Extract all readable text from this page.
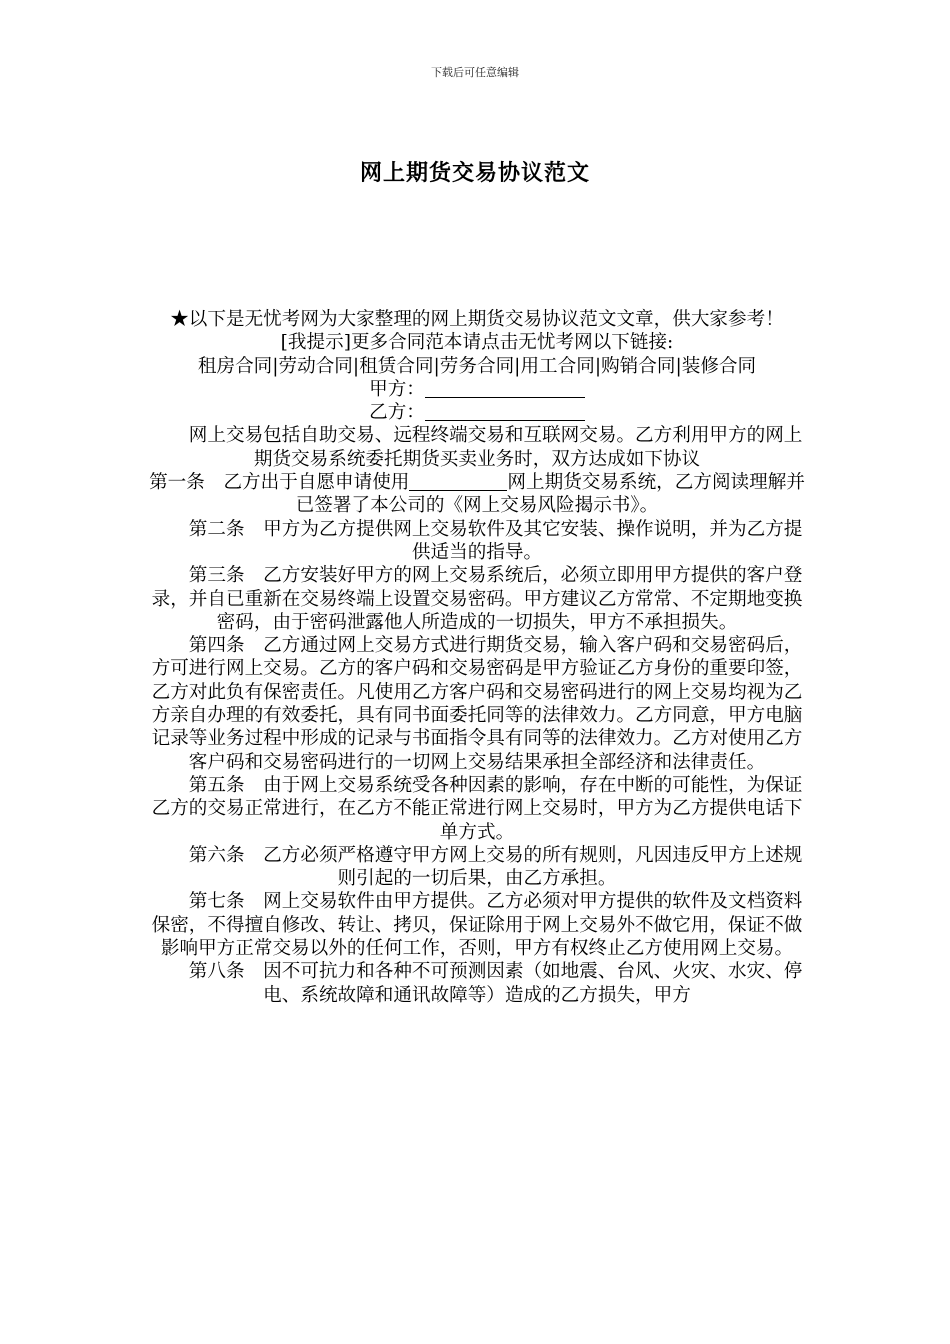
下载后可任意编辑
网上期货交易协议范文

★以下是无忧考网为大家整理的网上期货交易协议范文文章，供大家参考！

[我提示]更多合同范本请点击无忧考网以下链接:

租房合同|劳动合同|租赁合同|劳务合同|用工合同|购销合同|装修合同

甲方：

乙方：

网上交易包括自助交易、远程终端交易和互联网交易。乙方利用甲方的网上期货交易系统委托期货买卖业务时，双方达成如下协议

第一条　乙方出于自愿申请使用	网上期货交易系统，乙方阅读理解并已签署了本公司的《网上交易风险揭示书》。

第二条　甲方为乙方提供网上交易软件及其它安装、操作说明，并为乙方提供适当的指导。

第三条　乙方安装好甲方的网上交易系统后，必须立即用甲方提供的客户登录，并自已重新在交易终端上设置交易密码。甲方建议乙方常常、不定期地变换密码，由于密码泄露他人所造成的一切损失，甲方不承担损失。

第四条　乙方通过网上交易方式进行期货交易，输入客户码和交易密码后，方可进行网上交易。乙方的客户码和交易密码是甲方验证乙方身份的重要印签，乙方对此负有保密责任。凡使用乙方客户码和交易密码进行的网上交易均视为乙方亲自办理的有效委托，具有同书面委托同等的法律效力。乙方同意，甲方电脑记录等业务过程中形成的记录与书面指令具有同等的法律效力。乙方对使用乙方客户码和交易密码进行的一切网上交易结果承担全部经济和法律责任。

第五条　由于网上交易系统受各种因素的影响，存在中断的可能性，为保证乙方的交易正常进行，在乙方不能正常进行网上交易时，甲方为乙方提供电话下单方式。

第六条　乙方必须严格遵守甲方网上交易的所有规则，凡因违反甲方上述规则引起的一切后果，由乙方承担。

第七条　网上交易软件由甲方提供。乙方必须对甲方提供的软件及文档资料保密，不得擅自修改、转让、拷贝，保证除用于网上交易外不做它用，保证不做影响甲方正常交易以外的任何工作，否则，甲方有权终止乙方使用网上交易。

第八条　因不可抗力和各种不可预测因素（如地震、台风、火灾、水灾、停电、系统故障和通讯故障等）造成的乙方损失，甲方
